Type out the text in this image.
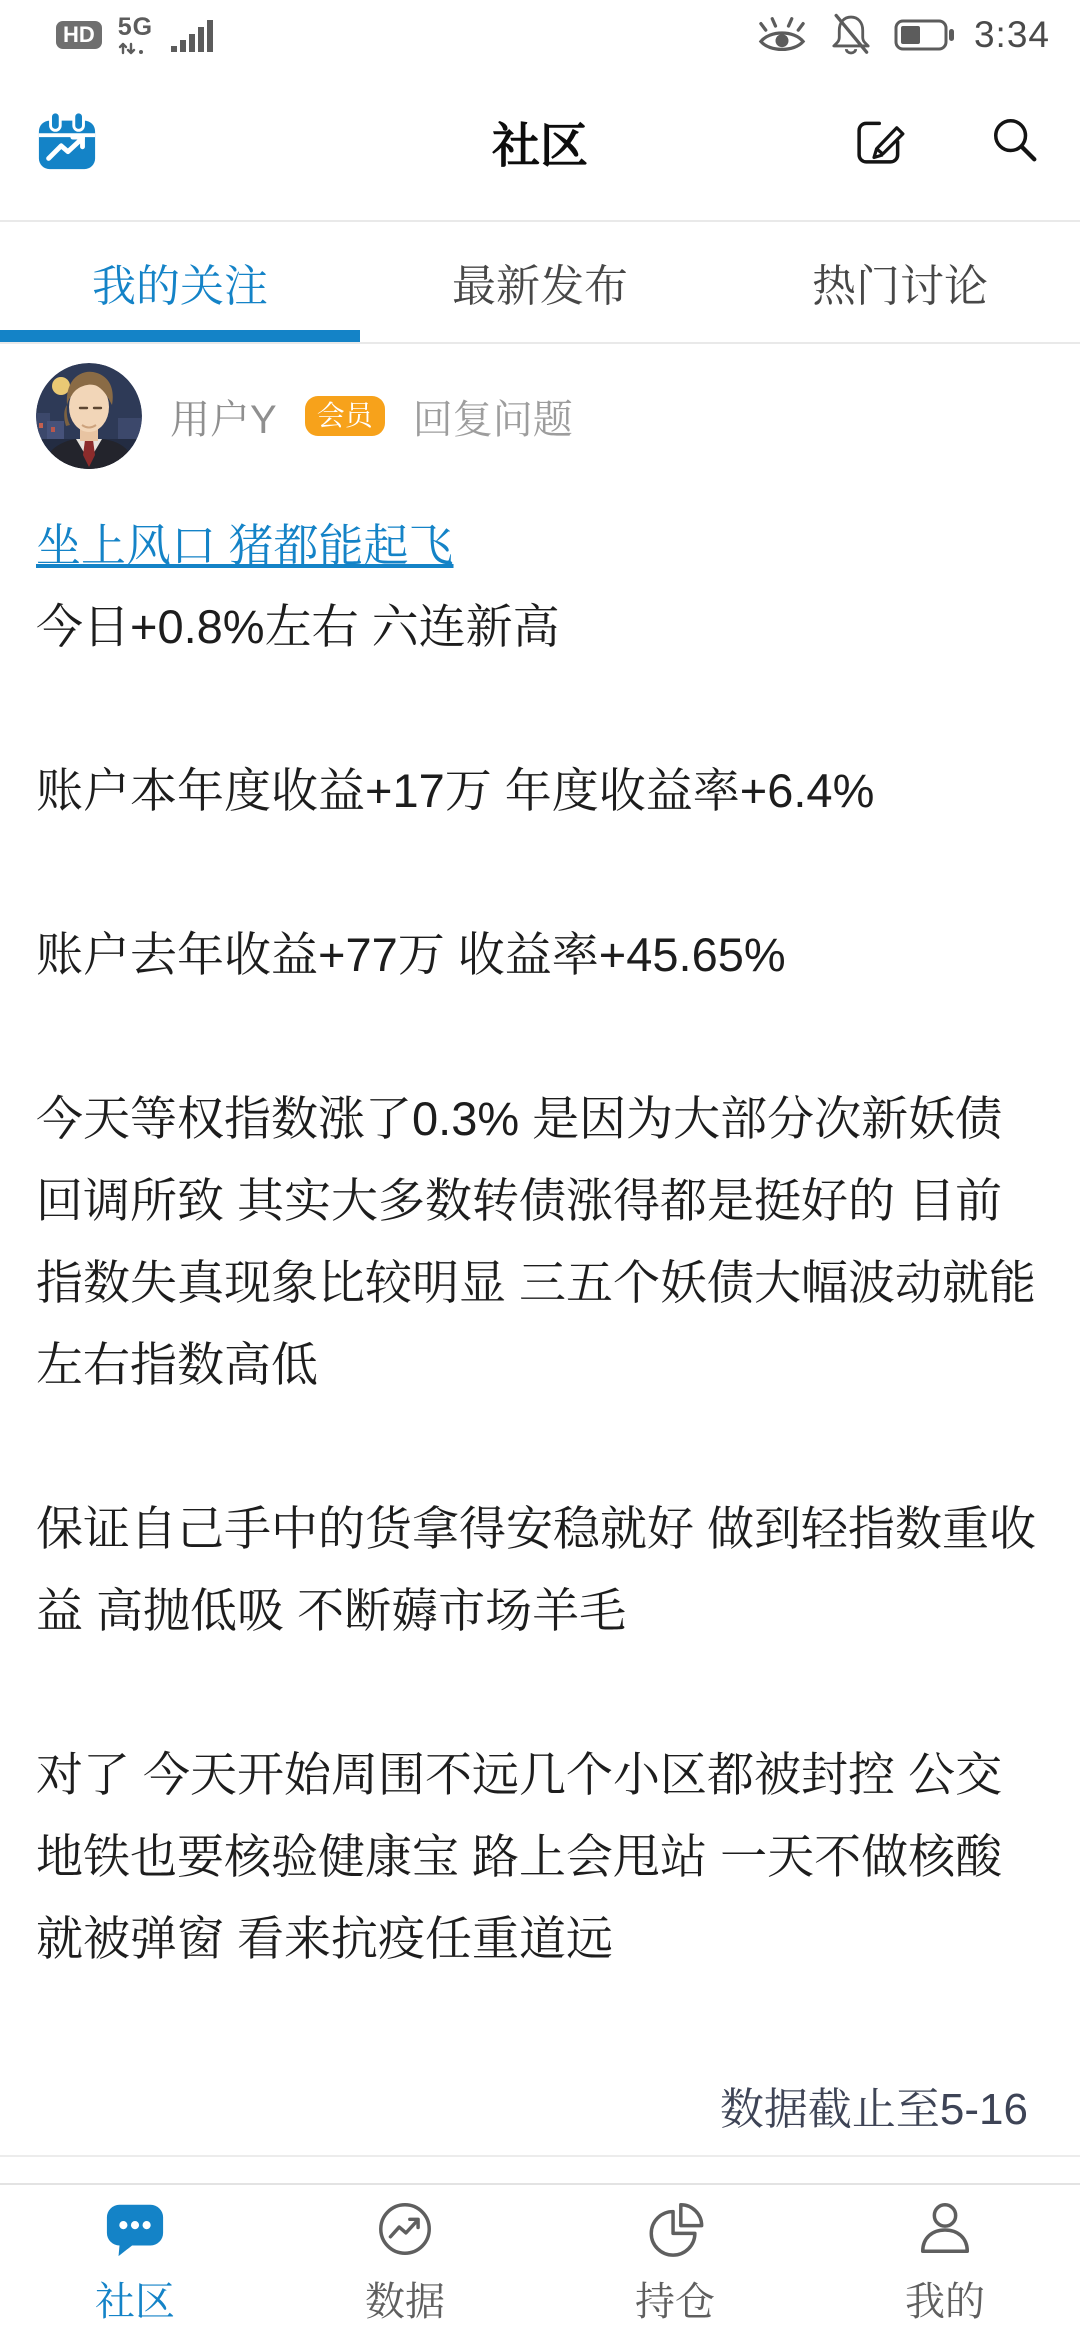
HD 5G	3:34
社区
我的关注	最新发布	热门讨论
用户Y	会员	回复问题
坐上风口 猪都能起飞

今日+0.8%左右 六连新高

账户本年度收益+17万 年度收益率+6.4%

账户去年收益+77万 收益率+45.65%

今天等权指数涨了0.3% 是因为大部分次新妖债回调所致 其实大多数转债涨得都是挺好的 目前指数失真现象比较明显 三五个妖债大幅波动就能左右指数高低

保证自己手中的货拿得安稳就好 做到轻指数重收益 高抛低吸 不断薅市场羊毛

对了 今天开始周围不远几个小区都被封控 公交地铁也要核验健康宝 路上会甩站 一天不做核酸就被弹窗 看来抗疫任重道远

数据截止至5-16
社区	数据	持仓	我的
